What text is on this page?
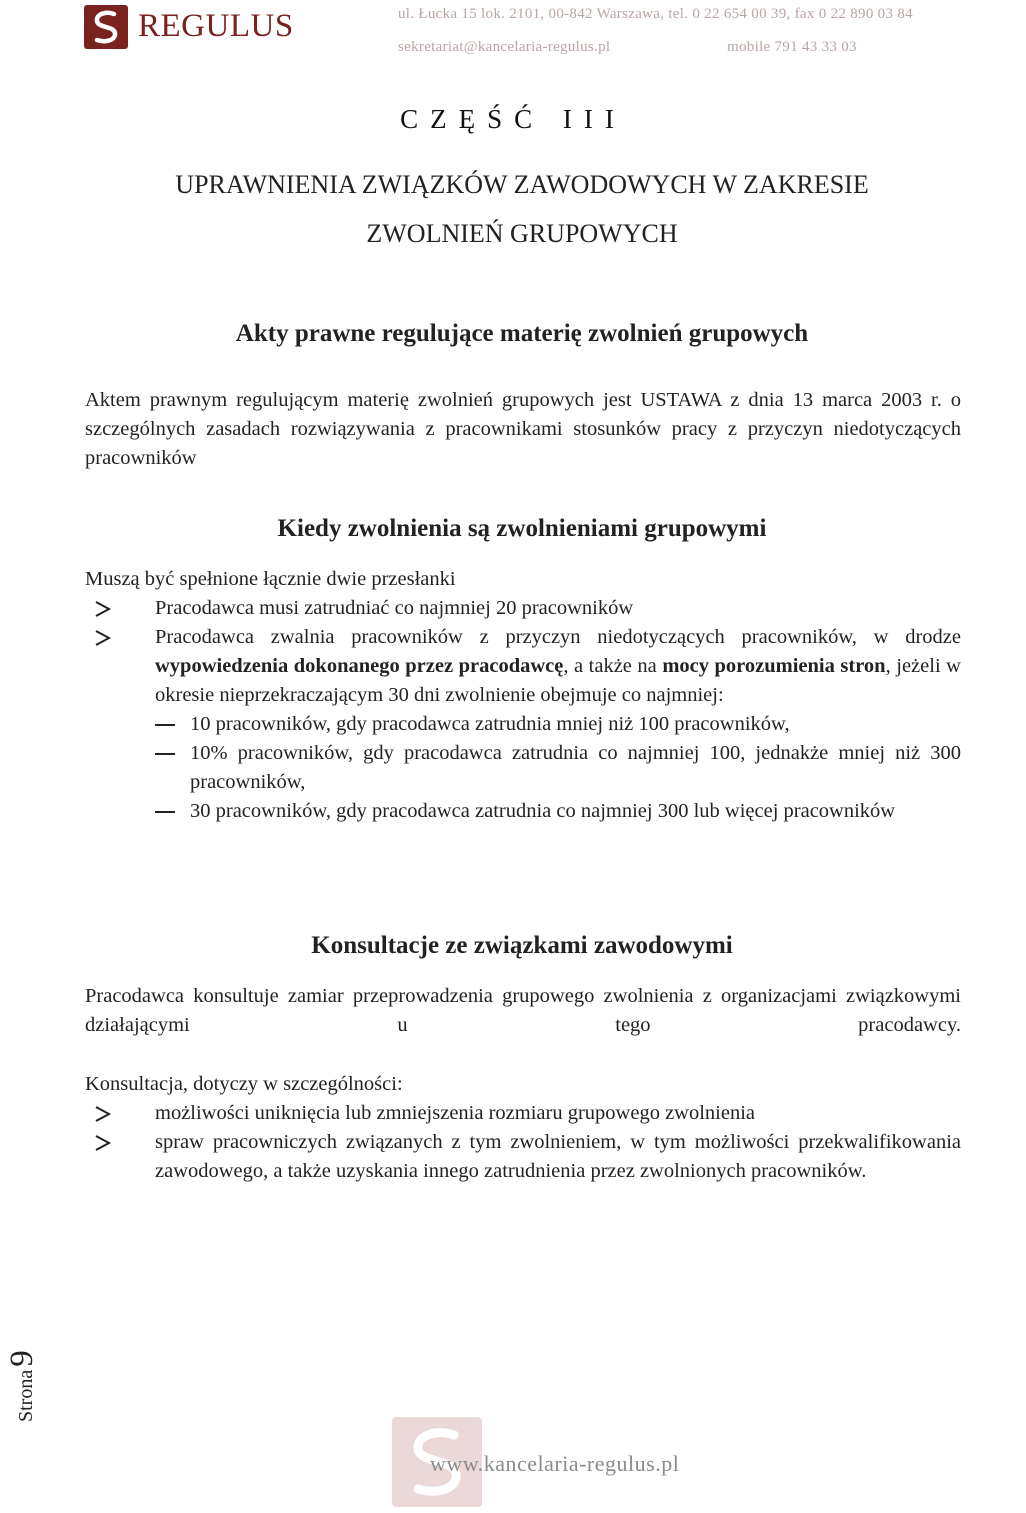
REGULUS	ul. Łucka 15 lok. 2101, 00-842 Warszawa, tel. 0 22 654 00 39, fax 0 22 890 03 84
sekretariat@kancelaria-regulus.pl	mobile 791 43 33 03
CZĘŚĆ III
UPRAWNIENIA ZWIĄZKÓW ZAWODOWYCH W ZAKRESIE
ZWOLNIEŃ GRUPOWYCH
Akty prawne regulujące materię zwolnień grupowych
Aktem prawnym regulującym materię zwolnień grupowych jest USTAWA z dnia 13 marca 2003 r. o szczególnych zasadach rozwiązywania z pracownikami stosunków pracy z przyczyn niedotyczących pracowników
Kiedy zwolnienia są zwolnieniami grupowymi
Muszą być spełnione łącznie dwie przesłanki
Pracodawca musi zatrudniać co najmniej 20 pracowników
Pracodawca zwalnia pracowników z przyczyn niedotyczących pracowników, w drodze wypowiedzenia dokonanego przez pracodawcę, a także na mocy porozumienia stron, jeżeli w okresie nieprzekraczającym 30 dni zwolnienie obejmuje co najmniej:
10 pracowników, gdy pracodawca zatrudnia mniej niż 100 pracowników,
10% pracowników, gdy pracodawca zatrudnia co najmniej 100, jednakże mniej niż 300 pracowników,
30 pracowników, gdy pracodawca zatrudnia co najmniej 300 lub więcej pracowników
Konsultacje ze związkami zawodowymi
Pracodawca konsultuje zamiar przeprowadzenia grupowego zwolnienia z organizacjami związkowymi działającymi u tego pracodawcy.
Konsultacja, dotyczy w szczególności:
możliwości uniknięcia lub zmniejszenia rozmiaru grupowego zwolnienia
spraw pracowniczych związanych z tym zwolnieniem, w tym możliwości przekwalifikowania zawodowego, a także uzyskania innego zatrudnienia przez zwolnionych pracowników.
Strona9
www.kancelaria-regulus.pl
